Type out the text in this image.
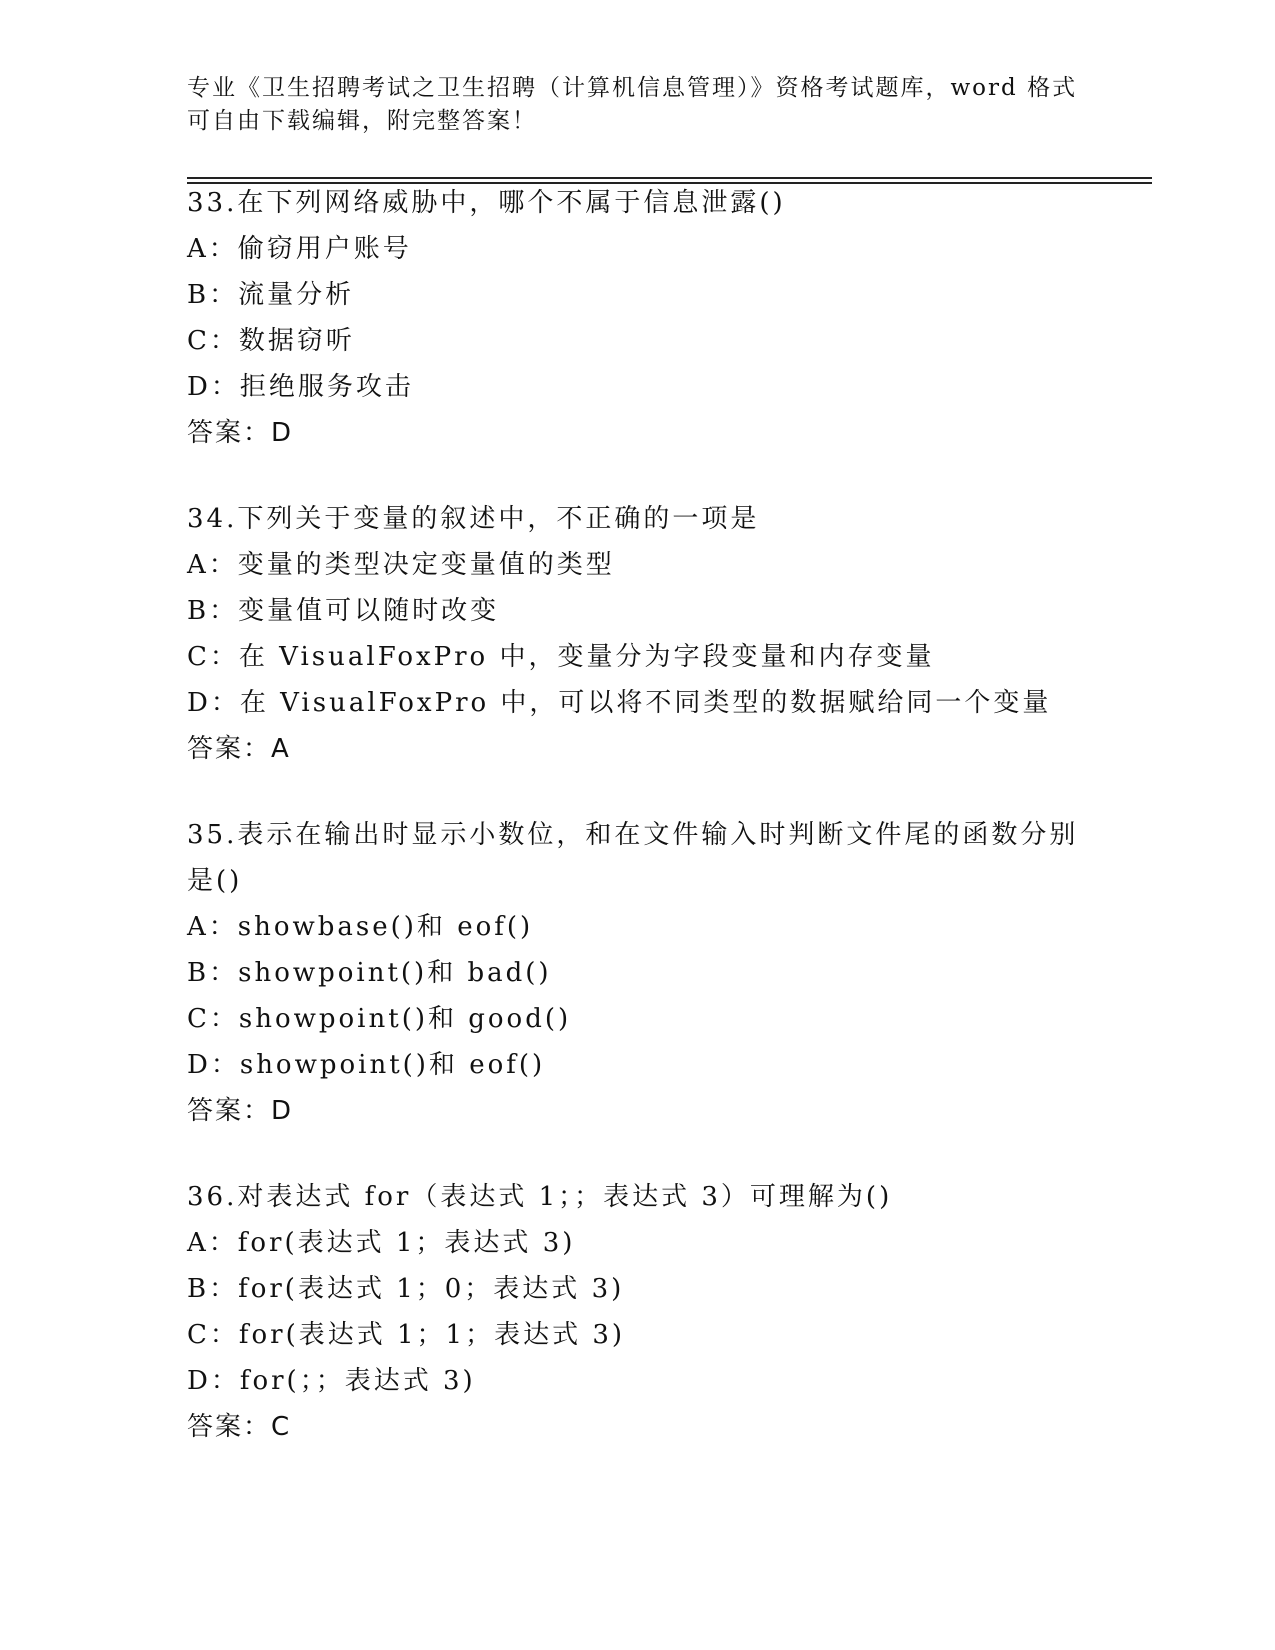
专业《卫生招聘考试之卫生招聘（计算机信息管理）》资格考试题库，word 格式
可自由下载编辑，附完整答案！
33.在下列网络威胁中，哪个不属于信息泄露()
A：偷窃用户账号
B：流量分析
C：数据窃听
D：拒绝服务攻击
答案：D
34.下列关于变量的叙述中，不正确的一项是
A：变量的类型决定变量值的类型
B：变量值可以随时改变
C：在 VisualFoxPro 中，变量分为字段变量和内存变量
D：在 VisualFoxPro 中，可以将不同类型的数据赋给同一个变量
答案：A
35.表示在输出时显示小数位，和在文件输入时判断文件尾的函数分别
是()
A：showbase()和 eof()
B：showpoint()和 bad()
C：showpoint()和 good()
D：showpoint()和 eof()
答案：D
36.对表达式 for（表达式 1；；表达式 3）可理解为()
A：for(表达式 1；表达式 3)
B：for(表达式 1；0；表达式 3)
C：for(表达式 1；1；表达式 3)
D：for(；；表达式 3)
答案：C
